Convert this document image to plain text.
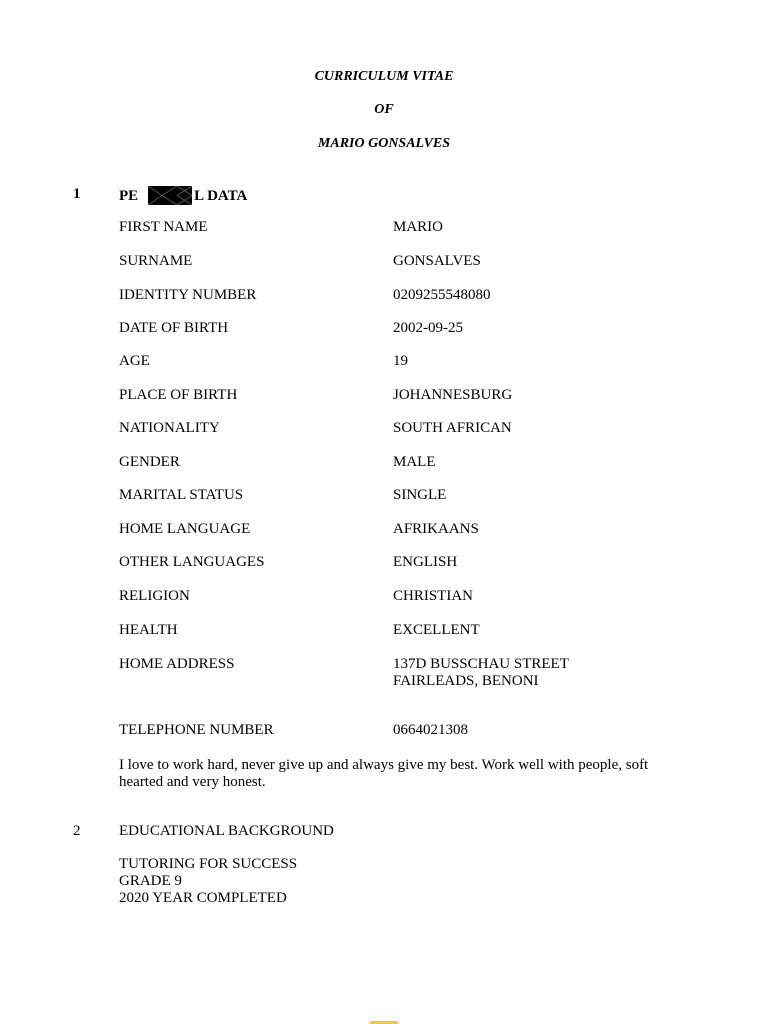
CURRICULUM VITAE
OF
MARIO GONSALVES
1	PE	L DATA
FIRST NAME	MARIO
SURNAME	GONSALVES
IDENTITY NUMBER	0209255548080
DATE OF BIRTH	2002-09-25
AGE	19
PLACE OF BIRTH	JOHANNESBURG
NATIONALITY	SOUTH AFRICAN
GENDER	MALE
MARITAL STATUS	SINGLE
HOME LANGUAGE	AFRIKAANS
OTHER LANGUAGES	ENGLISH
RELIGION	CHRISTIAN
HEALTH	EXCELLENT
HOME ADDRESS	137D BUSSCHAU STREET
FAIRLEADS, BENONI
TELEPHONE NUMBER	0664021308
I love to work hard, never give up and always give my best. Work well with people, soft hearted and very honest.
2	EDUCATIONAL BACKGROUND
TUTORING FOR SUCCESS
GRADE 9
2020 YEAR COMPLETED
